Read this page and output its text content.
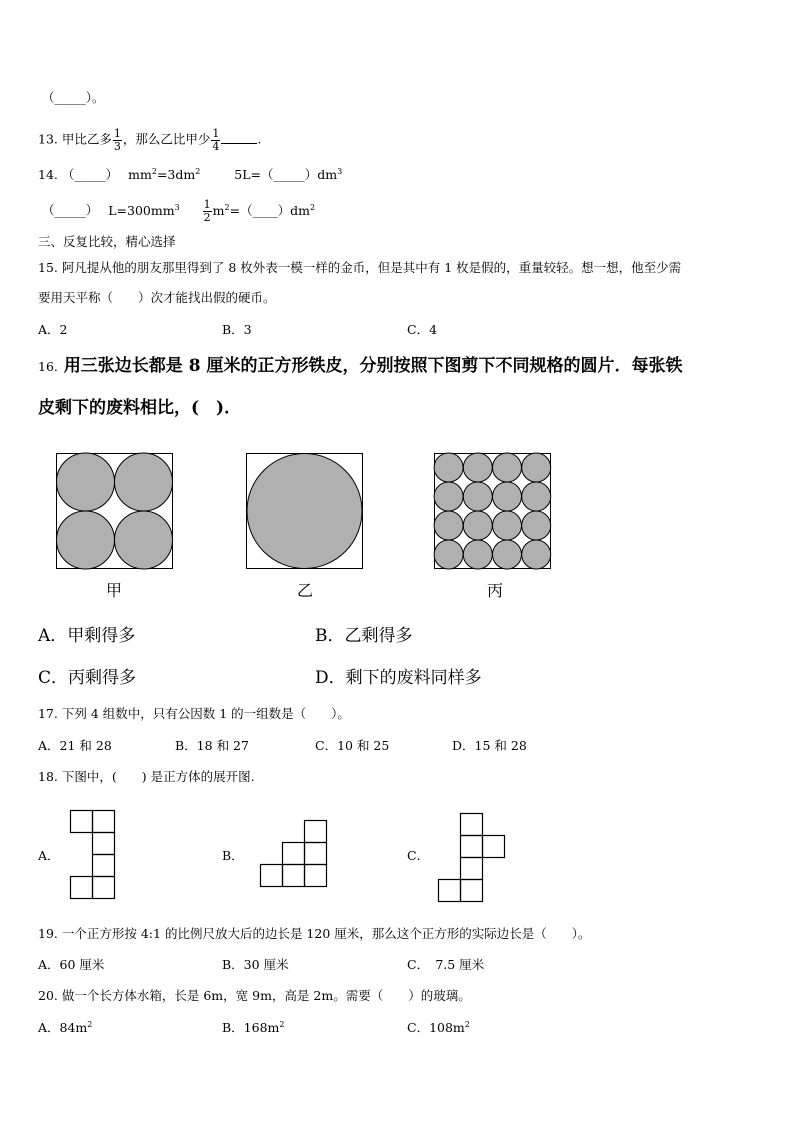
（_____）。
13. 甲比乙多 $\frac{1}{3}$ ，那么乙比甲少 $\frac{1}{4}$	.
14. （_____） $mm^2=3dm^2$	$5L=(\_\_\_\_\_)dm^3$
（_____） $L=300mm^3 \frac{1}{2}$ $m^2=(\_\_\_\_)dm^2$
三、反复比较，精心选择
15. 阿凡提从他的朋友那里得到了 8 枚外表一模一样的金币，但是其中有 1 枚是假的，重量较轻。想一想，他至少需
要用天平称（　　）次才能找出假的硬币。
A．2	B．3	C．4
16. 用三张边长都是 8 厘米的正方形铁皮，分别按照下图剪下不同规格的圆片．每张铁
皮剩下的废料相比，(　)．
甲	乙	丙
A．甲剩得多	B．乙剩得多
C．丙剩得多	D．剩下的废料同样多
17. 下列 4 组数中，只有公因数 1 的一组数是（　　）。
A．21 和 28	B．18 和 27	C．10 和 25	D．15 和 28
18. 下图中，(　　) 是正方体的展开图.
A．	B．	C．
19. 一个正方形按 4:1 的比例尺放大后的边长是 120 厘米，那么这个正方形的实际边长是（　　）。
A．60 厘米	B．30 厘米	C．　7.5 厘米
20. 做一个长方体水箱，长是 6m，宽 9m，高是 2m。需要（　　）的玻璃。
A．$84m^2$	B．$168m^2$	C．$108m^2$
